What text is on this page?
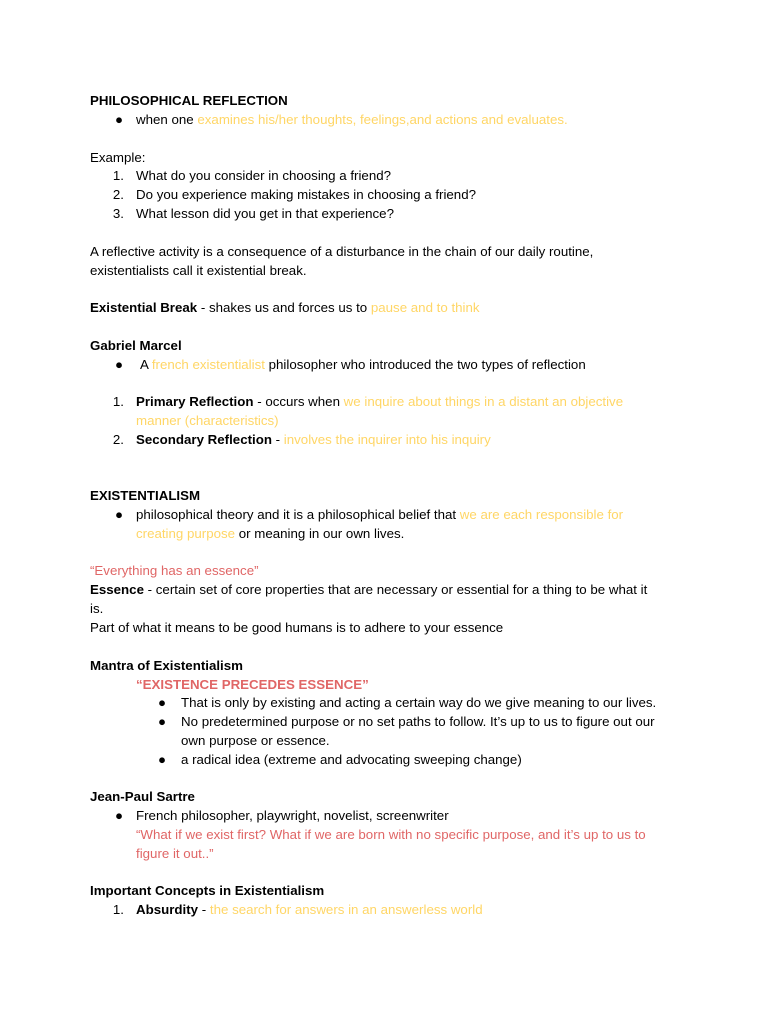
PHILOSOPHICAL REFLECTION
● when one examines his/her thoughts, feelings,and actions and evaluates.
Example:
1. What do you consider in choosing a friend?
2. Do you experience making mistakes in choosing a friend?
3. What lesson did you get in that experience?
A reflective activity is a consequence of a disturbance in the chain of our daily routine,
existentialists call it existential break.
Existential Break - shakes us and forces us to pause and to think
Gabriel Marcel
● A french existentialist philosopher who introduced the two types of reflection
1. Primary Reflection - occurs when we inquire about things in a distant an objective
manner (characteristics)
2. Secondary Reflection - involves the inquirer into his inquiry
EXISTENTIALISM
● philosophical theory and it is a philosophical belief that we are each responsible for
creating purpose or meaning in our own lives.
“Everything has an essence”
Essence - certain set of core properties that are necessary or essential for a thing to be what it
is.
Part of what it means to be good humans is to adhere to your essence
Mantra of Existentialism
“EXISTENCE PRECEDES ESSENCE”
● That is only by existing and acting a certain way do we give meaning to our lives.
● No predetermined purpose or no set paths to follow. It’s up to us to figure out our
own purpose or essence.
● a radical idea (extreme and advocating sweeping change)
Jean-Paul Sartre
● French philosopher, playwright, novelist, screenwriter
“What if we exist first? What if we are born with no specific purpose, and it’s up to us to
figure it out..”
Important Concepts in Existentialism
1. Absurdity - the search for answers in an answerless world
